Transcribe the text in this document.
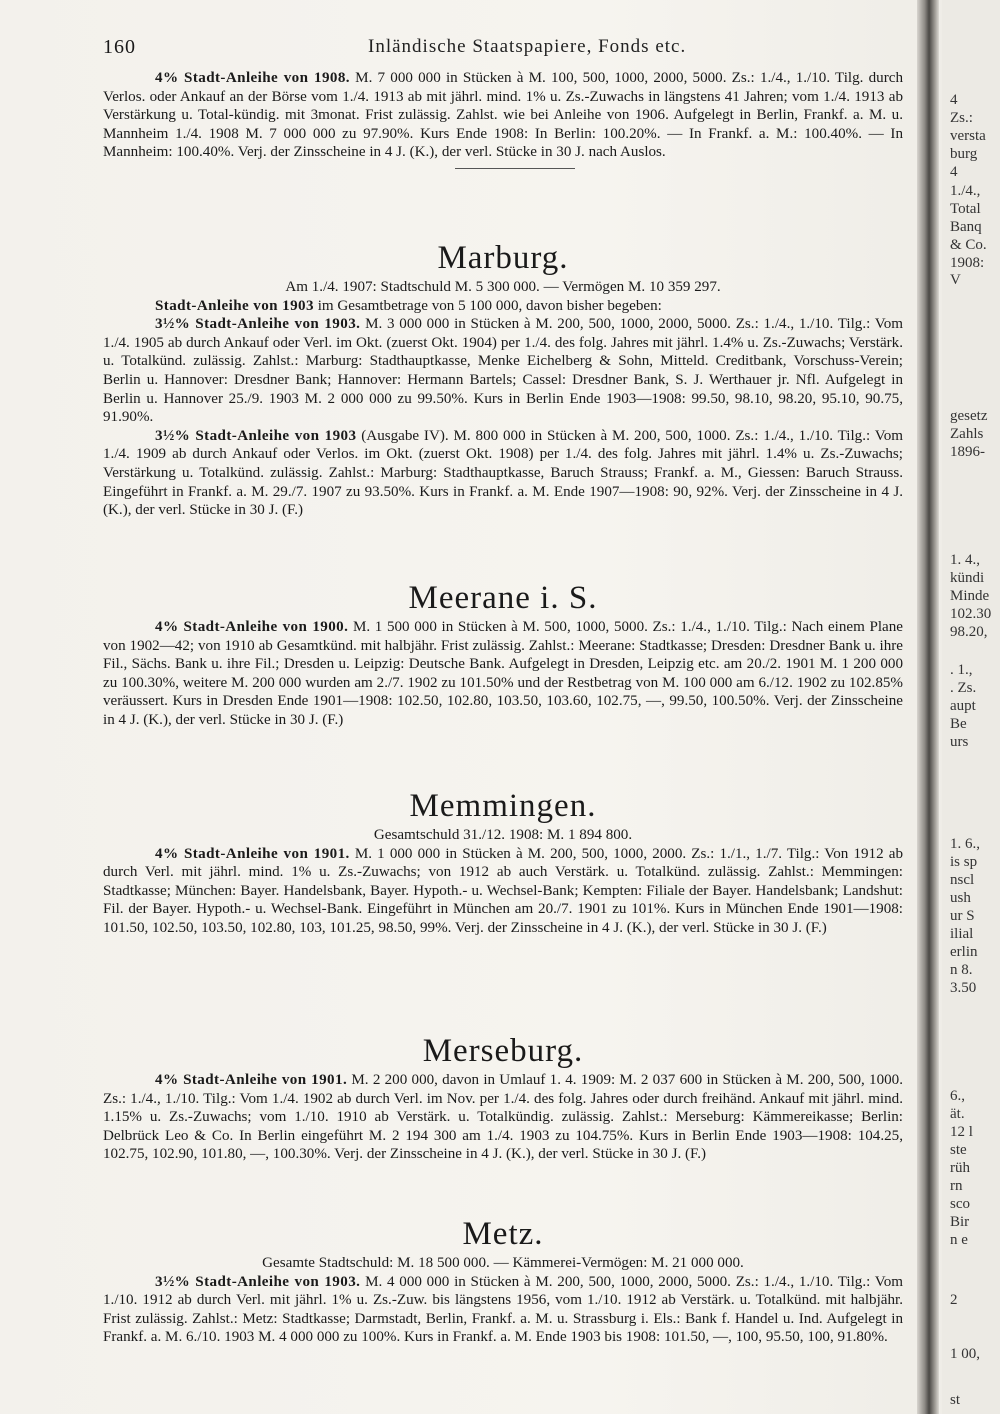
160	Inländische Staatspapiere, Fonds etc.

4% Stadt-Anleihe von 1908. M. 7 000 000 in Stücken à M. 100, 500, 1000, 2000, 5000. Zs.: 1./4., 1./10. Tilg. durch Verlos. oder Ankauf an der Börse vom 1./4. 1913 ab mit jährl. mind. 1% u. Zs.-Zuwachs in längstens 41 Jahren; vom 1./4. 1913 ab Verstärkung u. Total-kündig. mit 3monat. Frist zulässig. Zahlst. wie bei Anleihe von 1906. Aufgelegt in Berlin, Frankf. a. M. u. Mannheim 1./4. 1908 M. 7 000 000 zu 97.90%. Kurs Ende 1908: In Berlin: 100.20%. — In Frankf. a. M.: 100.40%. — In Mannheim: 100.40%. Verj. der Zinsscheine in 4 J. (K.), der verl. Stücke in 30 J. nach Auslos.

Marburg.

Am 1./4. 1907: Stadtschuld M. 5 300 000. — Vermögen M. 10 359 297.

Stadt-Anleihe von 1903 im Gesamtbetrage von 5 100 000, davon bisher begeben:

3½% Stadt-Anleihe von 1903. M. 3 000 000 in Stücken à M. 200, 500, 1000, 2000, 5000. Zs.: 1./4., 1./10. Tilg.: Vom 1./4. 1905 ab durch Ankauf oder Verl. im Okt. (zuerst Okt. 1904) per 1./4. des folg. Jahres mit jährl. 1.4% u. Zs.-Zuwachs; Verstärk. u. Totalkünd. zulässig. Zahlst.: Marburg: Stadthauptkasse, Menke Eichelberg & Sohn, Mitteld. Creditbank, Vorschuss-Verein; Berlin u. Hannover: Dresdner Bank; Hannover: Hermann Bartels; Cassel: Dresdner Bank, S. J. Werthauer jr. Nfl. Aufgelegt in Berlin u. Hannover 25./9. 1903 M. 2 000 000 zu 99.50%. Kurs in Berlin Ende 1903—1908: 99.50, 98.10, 98.20, 95.10, 90.75, 91.90%.

3½% Stadt-Anleihe von 1903 (Ausgabe IV). M. 800 000 in Stücken à M. 200, 500, 1000. Zs.: 1./4., 1./10. Tilg.: Vom 1./4. 1909 ab durch Ankauf oder Verlos. im Okt. (zuerst Okt. 1908) per 1./4. des folg. Jahres mit jährl. 1.4% u. Zs.-Zuwachs; Verstärkung u. Totalkünd. zulässig. Zahlst.: Marburg: Stadthauptkasse, Baruch Strauss; Frankf. a. M., Giessen: Baruch Strauss. Eingeführt in Frankf. a. M. 29./7. 1907 zu 93.50%. Kurs in Frankf. a. M. Ende 1907—1908: 90, 92%. Verj. der Zinsscheine in 4 J. (K.), der verl. Stücke in 30 J. (F.)

Meerane i. S.

4% Stadt-Anleihe von 1900. M. 1 500 000 in Stücken à M. 500, 1000, 5000. Zs.: 1./4., 1./10. Tilg.: Nach einem Plane von 1902—42; von 1910 ab Gesamtkünd. mit halbjähr. Frist zulässig. Zahlst.: Meerane: Stadtkasse; Dresden: Dresdner Bank u. ihre Fil., Sächs. Bank u. ihre Fil.; Dresden u. Leipzig: Deutsche Bank. Aufgelegt in Dresden, Leipzig etc. am 20./2. 1901 M. 1 200 000 zu 100.30%, weitere M. 200 000 wurden am 2./7. 1902 zu 101.50% und der Restbetrag von M. 100 000 am 6./12. 1902 zu 102.85% veräussert. Kurs in Dresden Ende 1901—1908: 102.50, 102.80, 103.50, 103.60, 102.75, —, 99.50, 100.50%. Verj. der Zinsscheine in 4 J. (K.), der verl. Stücke in 30 J. (F.)

Memmingen.

Gesamtschuld 31./12. 1908: M. 1 894 800.

4% Stadt-Anleihe von 1901. M. 1 000 000 in Stücken à M. 200, 500, 1000, 2000. Zs.: 1./1., 1./7. Tilg.: Von 1912 ab durch Verl. mit jährl. mind. 1% u. Zs.-Zuwachs; von 1912 ab auch Verstärk. u. Totalkünd. zulässig. Zahlst.: Memmingen: Stadtkasse; München: Bayer. Handelsbank, Bayer. Hypoth.- u. Wechsel-Bank; Kempten: Filiale der Bayer. Handelsbank; Landshut: Fil. der Bayer. Hypoth.- u. Wechsel-Bank. Eingeführt in München am 20./7. 1901 zu 101%. Kurs in München Ende 1901—1908: 101.50, 102.50, 103.50, 102.80, 103, 101.25, 98.50, 99%. Verj. der Zinsscheine in 4 J. (K.), der verl. Stücke in 30 J. (F.)

Merseburg.

4% Stadt-Anleihe von 1901. M. 2 200 000, davon in Umlauf 1. 4. 1909: M. 2 037 600 in Stücken à M. 200, 500, 1000. Zs.: 1./4., 1./10. Tilg.: Vom 1./4. 1902 ab durch Verl. im Nov. per 1./4. des folg. Jahres oder durch freihänd. Ankauf mit jährl. mind. 1.15% u. Zs.-Zuwachs; vom 1./10. 1910 ab Verstärk. u. Totalkündig. zulässig. Zahlst.: Merseburg: Kämmereikasse; Berlin: Delbrück Leo & Co. In Berlin eingeführt M. 2 194 300 am 1./4. 1903 zu 104.75%. Kurs in Berlin Ende 1903—1908: 104.25, 102.75, 102.90, 101.80, —, 100.30%. Verj. der Zinsscheine in 4 J. (K.), der verl. Stücke in 30 J. (F.)

Metz.

Gesamte Stadtschuld: M. 18 500 000. — Kämmerei-Vermögen: M. 21 000 000.

3½% Stadt-Anleihe von 1903. M. 4 000 000 in Stücken à M. 200, 500, 1000, 2000, 5000. Zs.: 1./4., 1./10. Tilg.: Vom 1./10. 1912 ab durch Verl. mit jährl. 1% u. Zs.-Zuw. bis längstens 1956, vom 1./10. 1912 ab Verstärk. u. Totalkünd. mit halbjähr. Frist zulässig. Zahlst.: Metz: Stadtkasse; Darmstadt, Berlin, Frankf. a. M. u. Strassburg i. Els.: Bank f. Handel u. Ind. Aufgelegt in Frankf. a. M. 6./10. 1903 M. 4 000 000 zu 100%. Kurs in Frankf. a. M. Ende 1903 bis 1908: 101.50, —, 100, 95.50, 100, 91.80%.

4
Zs.:
versta
burg
4
1./4.,
Total
Banq
& Co.
1908:
V
gesetz
Zahls
1896-
1. 4.,
kündi
Minde
102.30
98.20,
. 1.,
. Zs.
aupt
Be
urs
1. 6.,
is sp
nscl
ush
ur S
ilial
erlin
n 8.
3.50
6.,
ät.
12 l
ste
rüh
rn
sco
Bir
n e
2
1 00,
st
